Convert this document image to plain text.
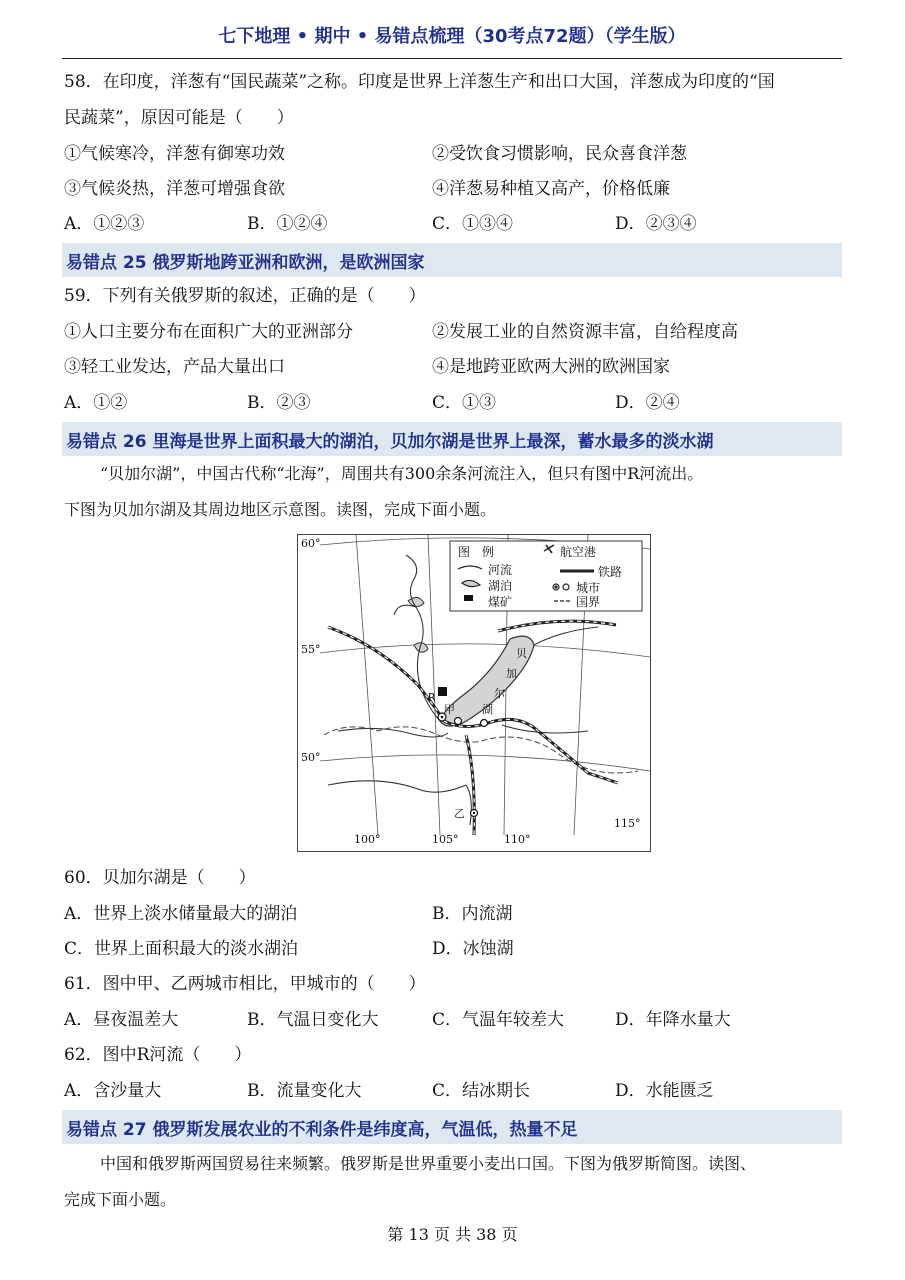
七下地理 • 期中 • 易错点梳理（30考点72题）（学生版）
58．在印度，洋葱有“国民蔬菜”之称。印度是世界上洋葱生产和出口大国，洋葱成为印度的“国
民蔬菜”，原因可能是（　　）
①气候寒冷，洋葱有御寒功效	②受饮食习惯影响，民众喜食洋葱
③气候炎热，洋葱可增强食欲	④洋葱易种植又高产，价格低廉
A．①②③	B．①②④	C．①③④	D．②③④
易错点 25 俄罗斯地跨亚洲和欧洲，是欧洲国家
59．下列有关俄罗斯的叙述，正确的是（　　）
①人口主要分布在面积广大的亚洲部分	②发展工业的自然资源丰富，自给程度高
③轻工业发达，产品大量出口	④是地跨亚欧两大洲的欧洲国家
A．①②	B．②③	C．①③	D．②④
易错点 26 里海是世界上面积最大的湖泊，贝加尔湖是世界上最深，蓄水最多的淡水湖
“贝加尔湖”，中国古代称“北海”，周围共有300余条河流注入，但只有图中R河流出。
下图为贝加尔湖及其周边地区示意图。读图，完成下面小题。
60°
55°
50°
100°	105°	110°
115°
图　例	航空港
河流	铁路
湖泊	城市
煤矿	国界
贝
加
尔
湖
R
甲
乙
60．贝加尔湖是（　　）
A．世界上淡水储量最大的湖泊	B．内流湖
C．世界上面积最大的淡水湖泊	D．冰蚀湖
61．图中甲、乙两城市相比，甲城市的（　　）
A．昼夜温差大	B．气温日变化大	C．气温年较差大	D．年降水量大
62．图中R河流（　　）
A．含沙量大	B．流量变化大	C．结冰期长	D．水能匮乏
易错点 27 俄罗斯发展农业的不利条件是纬度高，气温低，热量不足
中国和俄罗斯两国贸易往来频繁。俄罗斯是世界重要小麦出口国。下图为俄罗斯简图。读图、
完成下面小题。
第 13 页 共 38 页
